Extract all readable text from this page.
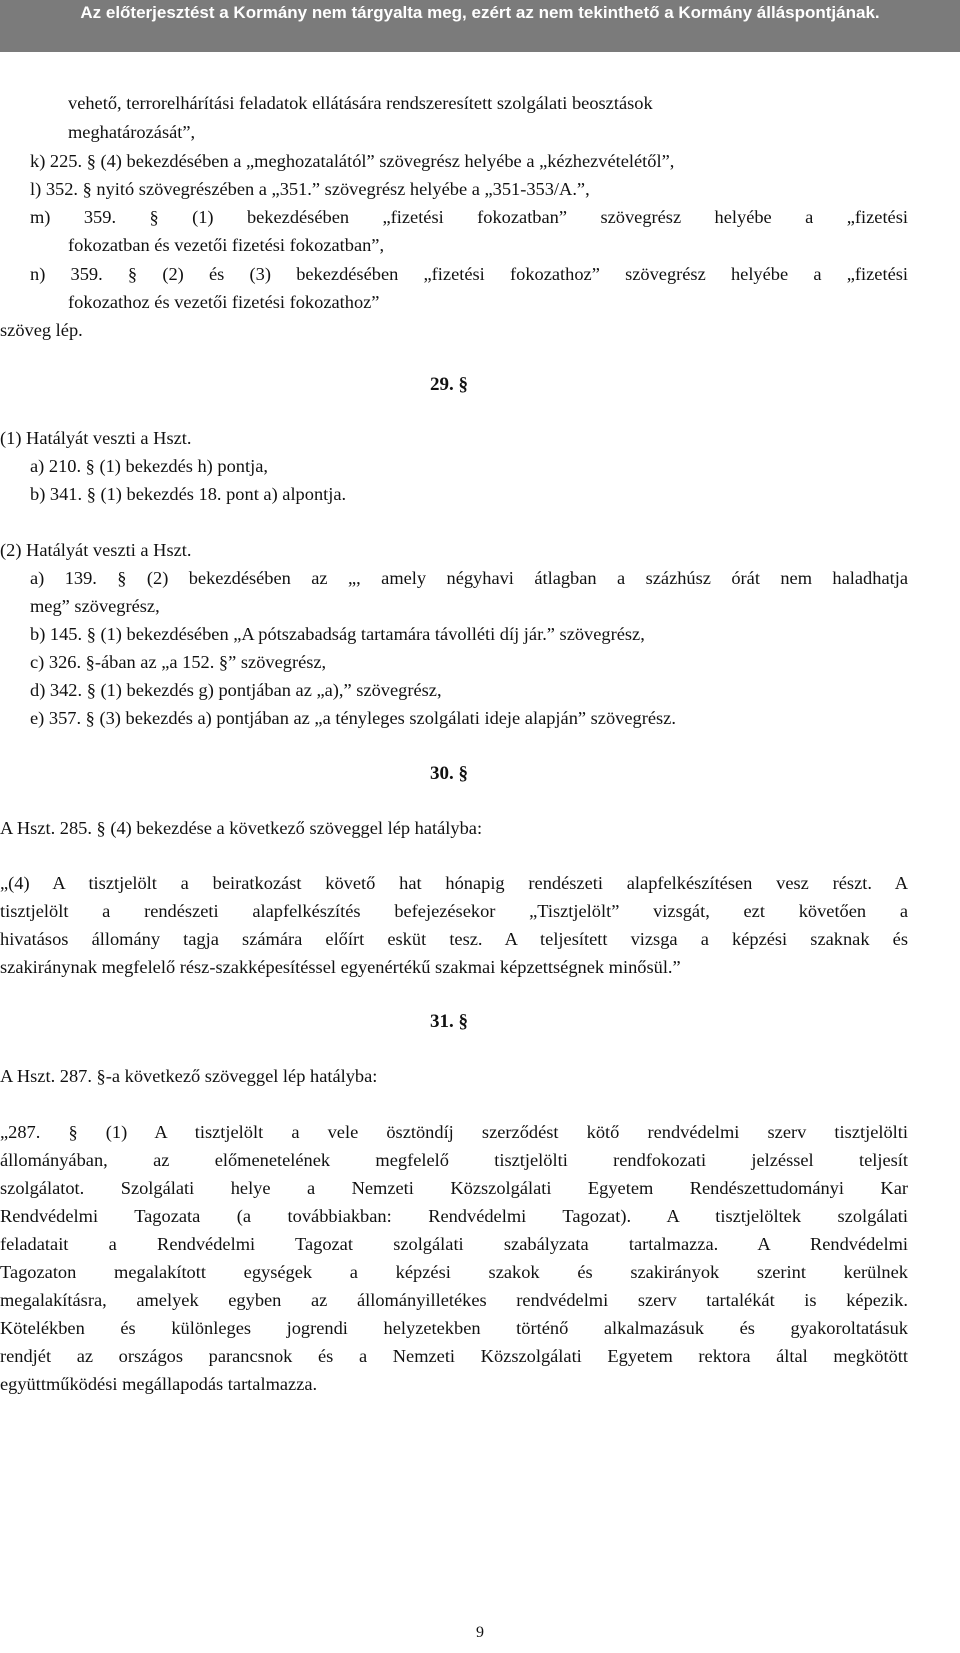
Az előterjesztést a Kormány nem tárgyalta meg, ezért az nem tekinthető a Kormány álláspontjának.
vehető, terrorelhárítási feladatok ellátására rendszeresített szolgálati beosztások
meghatározását”,
k) 225. § (4) bekezdésében a „meghozatalától” szövegrész helyébe a „kézhezvételétől”,
l) 352. § nyitó szövegrészében a „351.” szövegrész helyébe a „351-353/A.”,
m) 359. § (1) bekezdésében „fizetési fokozatban” szövegrész helyébe a „fizetési
fokozatban és vezetői fizetési fokozatban”,
n) 359. § (2) és (3) bekezdésében „fizetési fokozathoz” szövegrész helyébe a „fizetési
fokozathoz és vezetői fizetési fokozathoz”
szöveg lép.
29. §
(1) Hatályát veszti a Hszt.
a) 210. § (1) bekezdés h) pontja,
b) 341. § (1) bekezdés 18. pont a) alpontja.
(2) Hatályát veszti a Hszt.
a) 139. § (2) bekezdésében az „, amely négyhavi átlagban a százhúsz órát nem haladhatja
meg” szövegrész,
b) 145. § (1) bekezdésében „A pótszabadság tartamára távolléti díj jár.” szövegrész,
c) 326. §-ában az „a 152. §” szövegrész,
d) 342. § (1) bekezdés g) pontjában az „a),” szövegrész,
e) 357. § (3) bekezdés a) pontjában az „a tényleges szolgálati ideje alapján” szövegrész.
30. §
A Hszt. 285. § (4) bekezdése a következő szöveggel lép hatályba:
„(4) A tisztjelölt a beiratkozást követő hat hónapig rendészeti alapfelkészítésen vesz részt. A
tisztjelölt a rendészeti alapfelkészítés befejezésekor „Tisztjelölt” vizsgát, ezt követően a
hivatásos állomány tagja számára előírt esküt tesz. A teljesített vizsga a képzési szaknak és
szakiránynak megfelelő rész-szakképesítéssel egyenértékű szakmai képzettségnek minősül.”
31. §
A Hszt. 287. §-a következő szöveggel lép hatályba:
„287. § (1) A tisztjelölt a vele ösztöndíj szerződést kötő rendvédelmi szerv tisztjelölti
állományában, az előmenetelének megfelelő tisztjelölti rendfokozati jelzéssel teljesít
szolgálatot. Szolgálati helye a Nemzeti Közszolgálati Egyetem Rendészettudományi Kar
Rendvédelmi Tagozata (a továbbiakban: Rendvédelmi Tagozat). A tisztjelöltek szolgálati
feladatait a Rendvédelmi Tagozat szolgálati szabályzata tartalmazza. A Rendvédelmi
Tagozaton megalakított egységek a képzési szakok és szakirányok szerint kerülnek
megalakításra, amelyek egyben az állományilletékes rendvédelmi szerv tartalékát is képezik.
Kötelékben és különleges jogrendi helyzetekben történő alkalmazásuk és gyakoroltatásuk
rendjét az országos parancsnok és a Nemzeti Közszolgálati Egyetem rektora által megkötött
együttműködési megállapodás tartalmazza.
9
